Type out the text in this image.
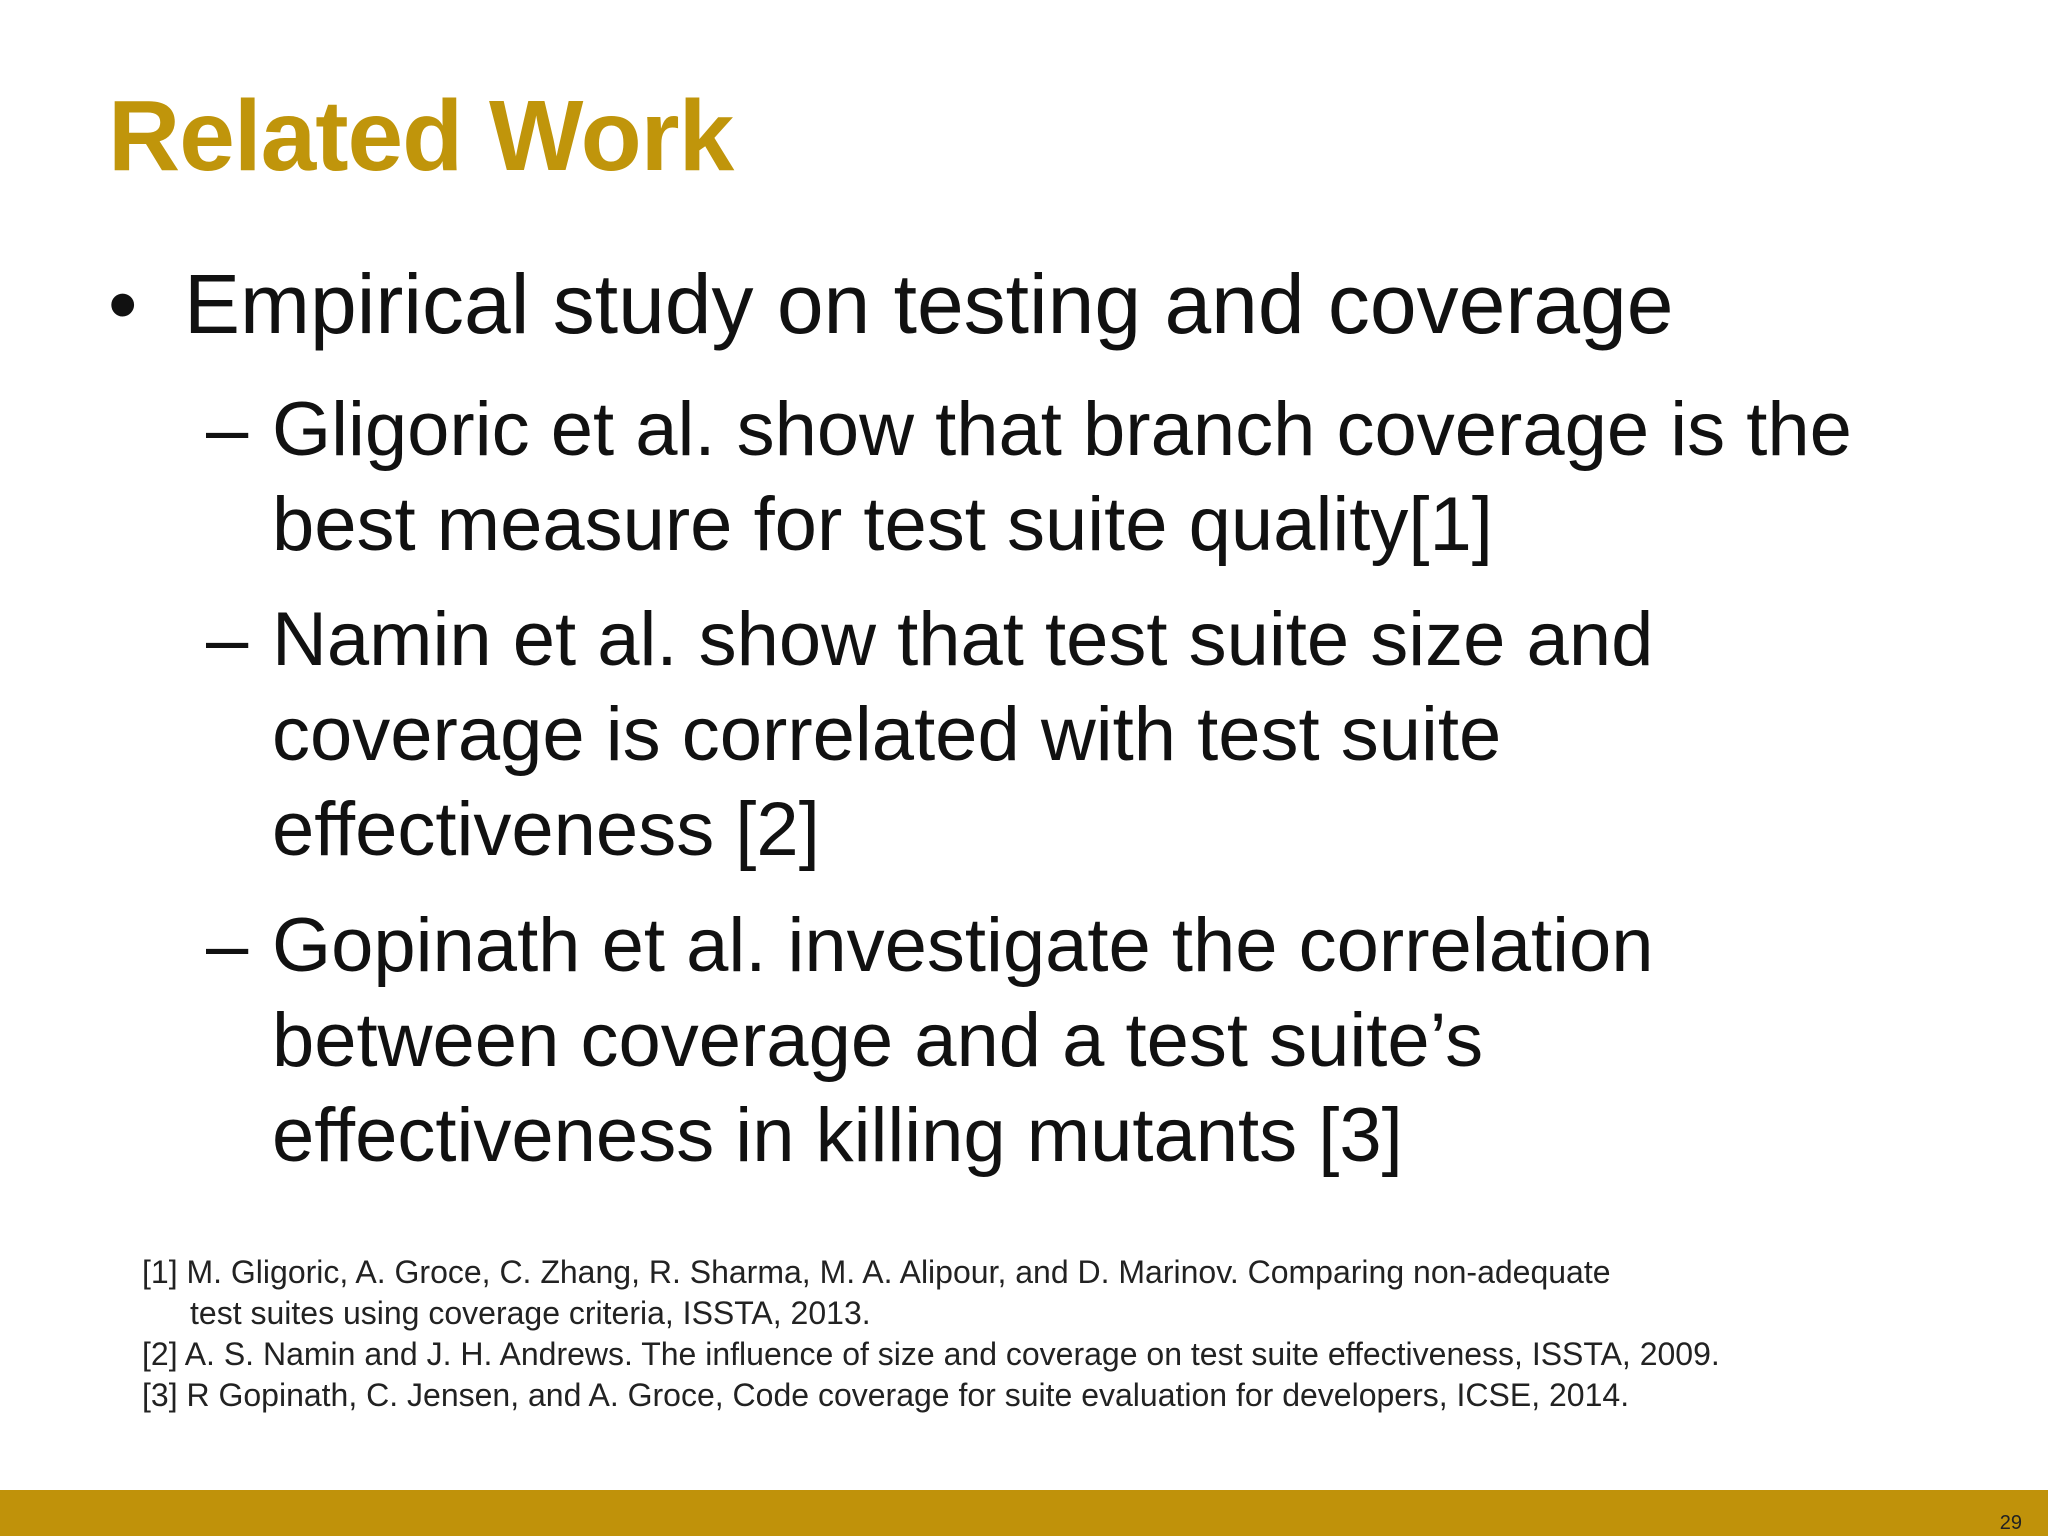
Related Work
• Empirical study on testing and coverage
– Gligoric et al. show that branch coverage is the
best measure for test suite quality[1]
– Namin et al. show that test suite size and
coverage is correlated with test suite
effectiveness [2]
– Gopinath et al. investigate the correlation
between coverage and a test suite’s
effectiveness in killing mutants [3]
[1] M. Gligoric, A. Groce, C. Zhang, R. Sharma, M. A. Alipour, and D. Marinov. Comparing non-adequate
test suites using coverage criteria, ISSTA, 2013.
[2] A. S. Namin and J. H. Andrews. The influence of size and coverage on test suite effectiveness, ISSTA, 2009.
[3] R Gopinath, C. Jensen, and A. Groce, Code coverage for suite evaluation for developers, ICSE, 2014.
29
